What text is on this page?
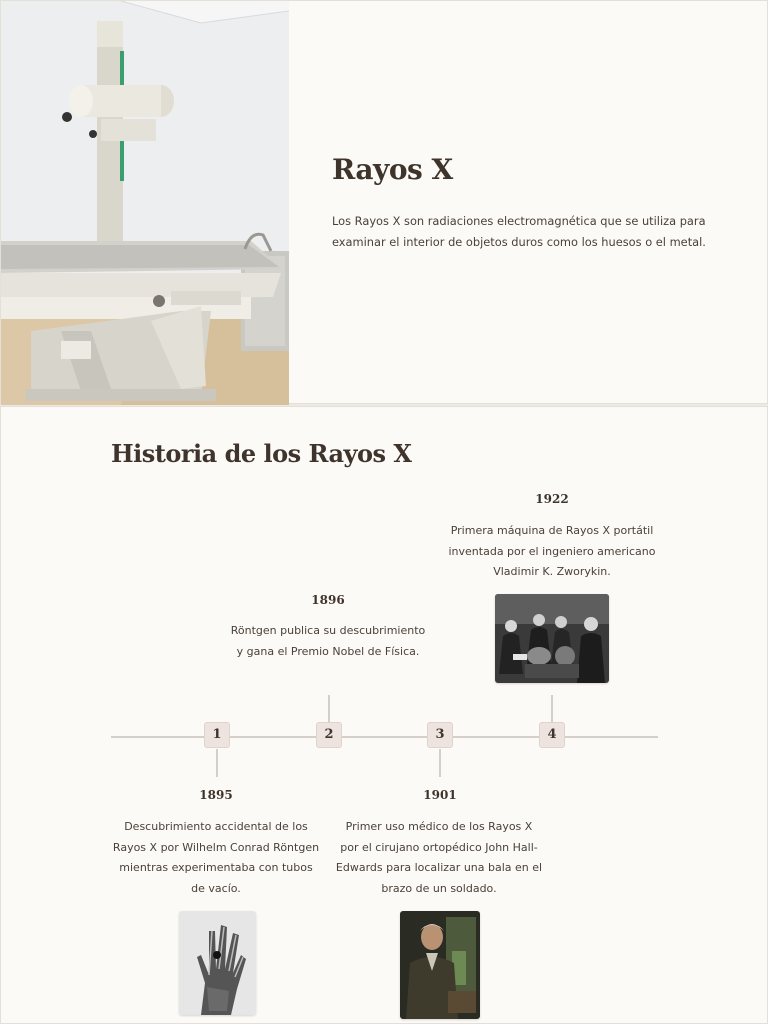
Rayos X

Los Rayos X son radiaciones electromagnética que se utiliza para examinar el interior de objetos duros como los huesos o el metal.

Historia de los Rayos X
1	2	3	4

1895

Descubrimiento accidental de los Rayos X por Wilhelm Conrad Röntgen mientras experimentaba con tubos de vacío.

1896

Röntgen publica su descubrimiento y gana el Premio Nobel de Física.

1901

Primer uso médico de los Rayos X por el cirujano ortopédico John Hall-Edwards para localizar una bala en el brazo de un soldado.

1922

Primera máquina de Rayos X portátil inventada por el ingeniero americano Vladimir K. Zworykin.
